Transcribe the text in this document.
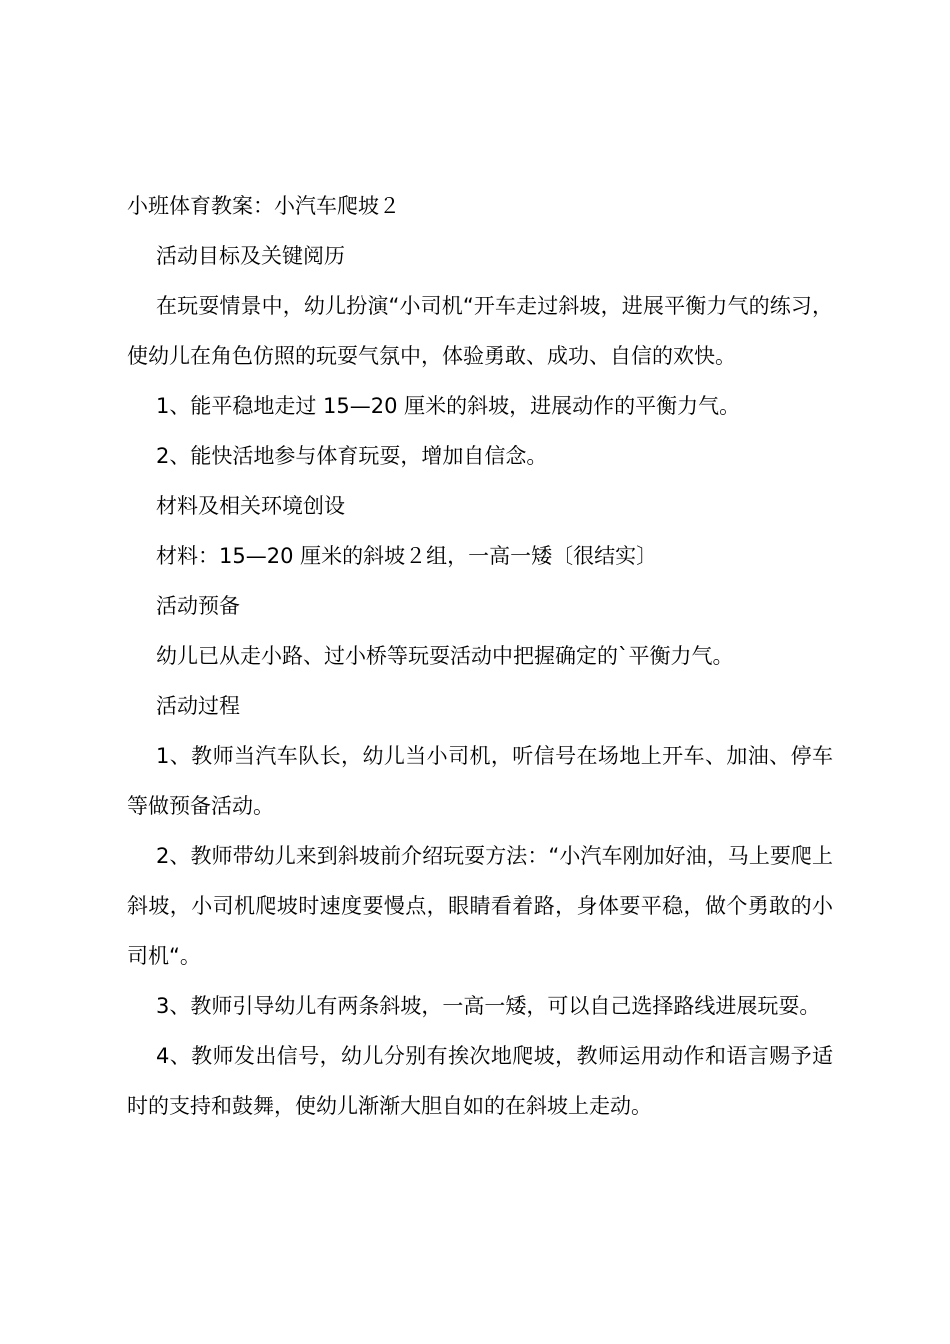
小班体育教案：小汽车爬坡２

活动目标及关键阅历

在玩耍情景中，幼儿扮演“小司机“开车走过斜坡，进展平衡力气的练习，使幼儿在角色仿照的玩耍气氛中，体验勇敢、成功、自信的欢快。

1、能平稳地走过 15—20 厘米的斜坡，进展动作的平衡力气。

2、能快活地参与体育玩耍，增加自信念。

材料及相关环境创设

材料：15—20 厘米的斜坡２组，一高一矮〔很结实〕

活动预备

幼儿已从走小路、过小桥等玩耍活动中把握确定的`平衡力气。

活动过程

1、教师当汽车队长，幼儿当小司机，听信号在场地上开车、加油、停车等做预备活动。

2、教师带幼儿来到斜坡前介绍玩耍方法：“小汽车刚加好油，马上要爬上斜坡，小司机爬坡时速度要慢点，眼睛看着路，身体要平稳，做个勇敢的小司机“。

3、教师引导幼儿有两条斜坡，一高一矮，可以自己选择路线进展玩耍。

4、教师发出信号，幼儿分别有挨次地爬坡，教师运用动作和语言赐予适时的支持和鼓舞，使幼儿渐渐大胆自如的在斜坡上走动。
